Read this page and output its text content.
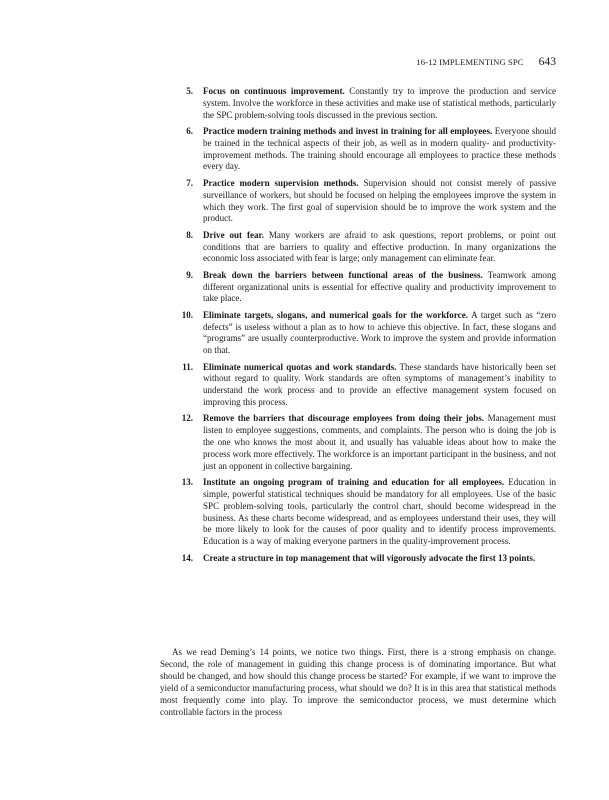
16-12 IMPLEMENTING SPC 643
5. Focus on continuous improvement. Constantly try to improve the production and service system. Involve the workforce in these activities and make use of statistical methods, particularly the SPC problem-solving tools discussed in the previous section.
6. Practice modern training methods and invest in training for all employees. Everyone should be trained in the technical aspects of their job, as well as in modern quality- and productivity-improvement methods. The training should encourage all employees to practice these methods every day.
7. Practice modern supervision methods. Supervision should not consist merely of passive surveillance of workers, but should be focused on helping the employees improve the system in which they work. The first goal of supervision should be to improve the work system and the product.
8. Drive out fear. Many workers are afraid to ask questions, report problems, or point out conditions that are barriers to quality and effective production. In many organizations the economic loss associated with fear is large; only management can eliminate fear.
9. Break down the barriers between functional areas of the business. Teamwork among different organizational units is essential for effective quality and productivity improvement to take place.
10. Eliminate targets, slogans, and numerical goals for the workforce. A target such as “zero defects” is useless without a plan as to how to achieve this objective. In fact, these slogans and “programs” are usually counterproductive. Work to improve the system and provide information on that.
11. Eliminate numerical quotas and work standards. These standards have historically been set without regard to quality. Work standards are often symptoms of management’s inability to understand the work process and to provide an effective management system focused on improving this process.
12. Remove the barriers that discourage employees from doing their jobs. Management must listen to employee suggestions, comments, and complaints. The person who is doing the job is the one who knows the most about it, and usually has valuable ideas about how to make the process work more effectively. The workforce is an important participant in the business, and not just an opponent in collective bargaining.
13. Institute an ongoing program of training and education for all employees. Education in simple, powerful statistical techniques should be mandatory for all employees. Use of the basic SPC problem-solving tools, particularly the control chart, should become widespread in the business. As these charts become widespread, and as employees understand their uses, they will be more likely to look for the causes of poor quality and to identify process improvements. Education is a way of making everyone partners in the quality-improvement process.
14. Create a structure in top management that will vigorously advocate the first 13 points.

As we read Deming’s 14 points, we notice two things. First, there is a strong emphasis on change. Second, the role of management in guiding this change process is of dominating importance. But what should be changed, and how should this change process be started? For example, if we want to improve the yield of a semiconductor manufacturing process, what should we do? It is in this area that statistical methods most frequently come into play. To improve the semiconductor process, we must determine which controllable factors in the process
